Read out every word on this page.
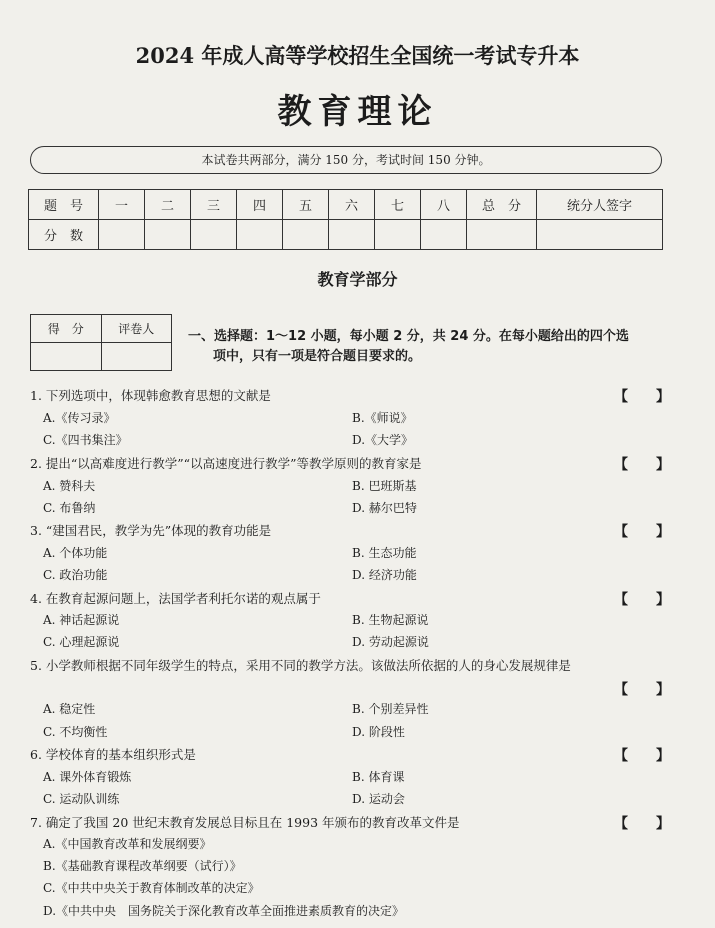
2024 年成人高等学校招生全国统一考试专升本
教育理论
本试卷共两部分，满分 150 分，考试时间 150 分钟。
题　号	一	二	三	四	五	六	七	八	总　分	统分人签字
分　数										
教育学部分
得　分	评卷人
		一、选择题：1～12 小题，每小题 2 分，共 24 分。在每小题给出的四个选
项中，只有一项是符合题目要求的。
1. 下列选项中，体现韩愈教育思想的文献是	【　　】
A.《传习录》	B.《师说》
C.《四书集注》	D.《大学》
2. 提出“以高难度进行教学”“以高速度进行教学”等教学原则的教育家是	【　　】
A. 赞科夫	B. 巴班斯基
C. 布鲁纳	D. 赫尔巴特
3. “建国君民，教学为先”体现的教育功能是	【　　】
A. 个体功能	B. 生态功能
C. 政治功能	D. 经济功能
4. 在教育起源问题上，法国学者利托尔诺的观点属于	【　　】
A. 神话起源说	B. 生物起源说
C. 心理起源说	D. 劳动起源说
5. 小学教师根据不同年级学生的特点，采用不同的教学方法。该做法所依据的人的身心发展规律是
【　　】
A. 稳定性	B. 个别差异性
C. 不均衡性	D. 阶段性
6. 学校体育的基本组织形式是	【　　】
A. 课外体育锻炼	B. 体育课
C. 运动队训练	D. 运动会
7. 确定了我国 20 世纪末教育发展总目标且在 1993 年颁布的教育改革文件是	【　　】
A.《中国教育改革和发展纲要》
B.《基础教育课程改革纲要（试行）》
C.《中共中央关于教育体制改革的决定》
D.《中共中央　国务院关于深化教育改革全面推进素质教育的决定》
